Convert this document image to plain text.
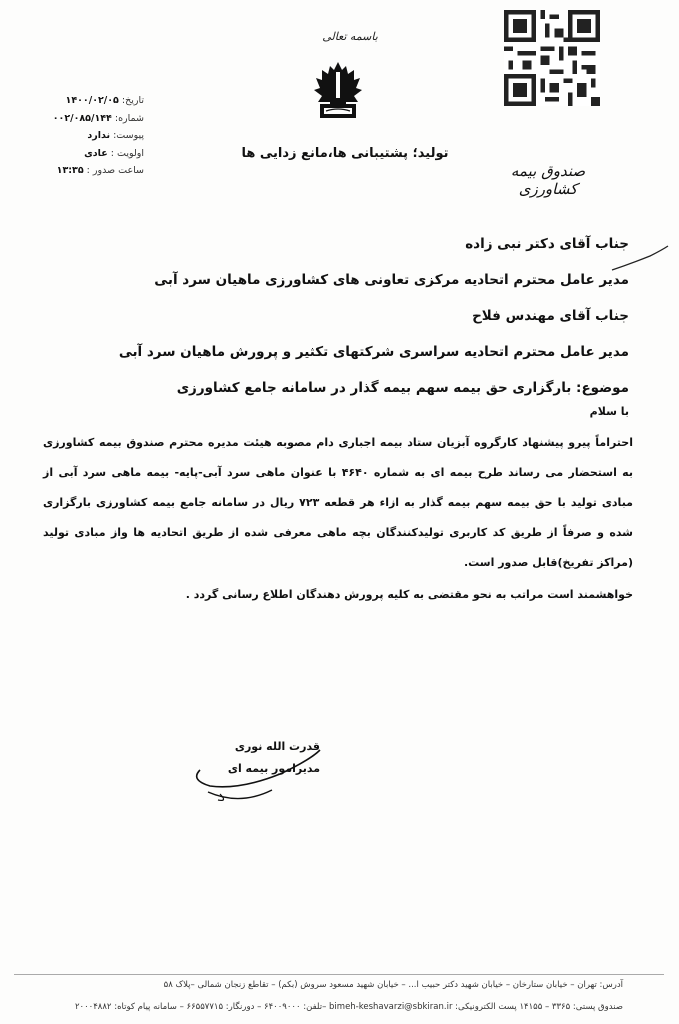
باسمه تعالی
تولید؛ پشتیبانی ها،مانع زدایی ها
صندوق بیمه کشاورزی
تاریخ: ۱۴۰۰/۰۲/۰۵
شماره: ۰۰۲/۰۸۵/۱۴۴
پیوست: ندارد
اولویت : عادی
ساعت صدور : ۱۳:۳۵
جناب آقای دکتر نبی زاده
مدیر عامل محترم اتحادیه مرکزی تعاونی های کشاورزی ماهیان سرد آبی
جناب آقای مهندس فلاح
مدیر عامل محترم اتحادیه سراسری شرکتهای تکثیر و پرورش ماهیان سرد آبی
موضوع: بارگزاری حق بیمه سهم بیمه گذار در سامانه جامع کشاورزی
با سلام
احتراماً پیرو پیشنهاد کارگروه آبزیان ستاد بیمه اجباری دام مصوبه هیئت مدیره محترم صندوق بیمه کشاورزی به استحضار می رساند طرح بیمه ای به شماره ۴۶۴۰ با عنوان ماهی سرد آبی-پایه- بیمه ماهی سرد آبی از مبادی تولید با حق بیمه سهم بیمه گذار به ازاء هر قطعه ۷۲۳ ریال در سامانه جامع بیمه کشاورزی بارگزاری شده و صرفاً از طریق کد کاربری تولیدکنندگان بچه ماهی معرفی شده از طریق اتحادیه ها واز مبادی تولید (مراکز تفریخ)قابل صدور است.
خواهشمند است مراتب به نحو مقتضی به کلیه پرورش دهندگان اطلاع رسانی گردد .
قدرت الله نوری
مدیرامور بیمه ای
آدرس: تهران – خیابان ستارخان – خیابان شهید دکتر حبیب ا... – خیابان شهید مسعود سروش (بکم) – تقاطع زنجان شمالی –پلاک ۵۸
صندوق پستی: ۳۳۶۵ – ۱۴۱۵۵ پست الکترونیکی: bimeh-keshavarzi@sbkiran.ir –تلفن: ۶۴۰۰۹۰۰۰ – دورنگار: ۶۶۵۵۷۷۱۵ – سامانه پیام کوتاه: ۲۰۰۰۴۸۸۲
